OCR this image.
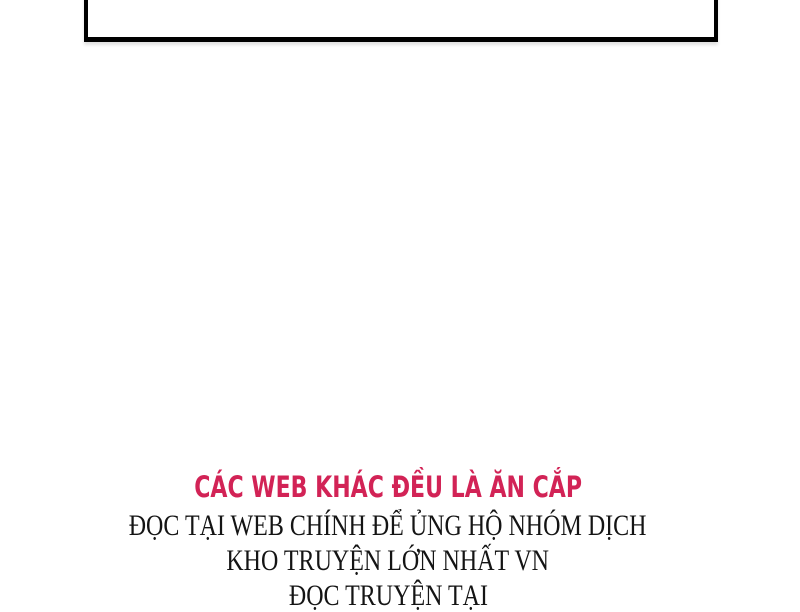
CÁC WEB KHÁC ĐỀU LÀ ĂN CẮP
ĐỌC TẠI WEB CHÍNH ĐỂ ỦNG HỘ NHÓM DỊCH
KHO TRUYỆN LỚN NHẤT VN
ĐỌC TRUYỆN TẠI
